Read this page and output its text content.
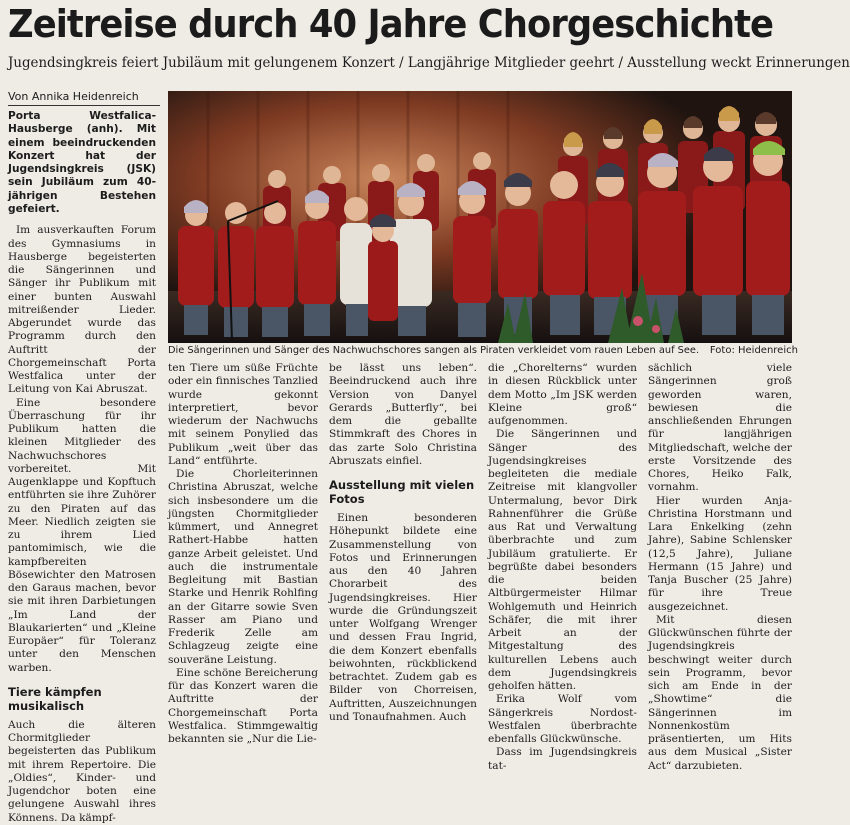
Zeitreise durch 40 Jahre Chorgeschichte
Jugendsingkreis feiert Jubiläum mit gelungenem Konzert / Langjährige Mitglieder geehrt / Ausstellung weckt Erinnerungen
Von Annika Heidenreich
Porta Westfalica-Hausberge (anh). Mit einem beeindruckenden Konzert hat der Jugendsingkreis (JSK) sein Jubiläum zum 40-jährigen Bestehen gefeiert.

Im ausverkauften Forum des Gymnasiums in Hausberge begeisterten die Sängerinnen und Sänger ihr Publikum mit einer bunten Auswahl mitreißender Lieder. Abgerundet wurde das Programm durch den Auftritt der Chorgemeinschaft Porta Westfalica unter der Leitung von Kai Abruszat.

Eine besondere Überraschung für ihr Publikum hatten die kleinen Mitglieder des Nachwuchschores vorbereitet. Mit Augenklappe und Kopftuch entführten sie ihre Zuhörer zu den Piraten auf das Meer. Niedlich zeigten sie zu ihrem Lied pantomimisch, wie die kampfbereiten Bösewichter den Matrosen den Garaus machen, bevor sie mit ihren Darbietungen „Im Land der Blaukarierten“ und „Kleine Europäer“ für Toleranz unter den Menschen warben.

Tiere kämpfen musikalisch

Auch die älteren Chormitglieder begeisterten das Publikum mit ihrem Repertoire. Die „Oldies“, Kinder- und Jugendchor boten eine gelungene Auswahl ihres Könnens. Da kämpf-

Die Sängerinnen und Sänger des Nachwuchschores sangen als Piraten verkleidet vom rauen Leben auf See. Foto: Heidenreich

ten Tiere um süße Früchte oder ein finnisches Tanzlied wurde gekonnt interpretiert, bevor wiederum der Nachwuchs mit seinem Ponylied das Publikum „weit über das Land“ entführte.

Die Chorleiterinnen Christina Abruszat, welche sich insbesondere um die jüngsten Chormitglieder kümmert, und Annegret Rathert-Habbe hatten ganze Arbeit geleistet. Und auch die instrumentale Begleitung mit Bastian Starke und Henrik Rohlfing an der Gitarre sowie Sven Rasser am Piano und Frederik Zelle am Schlagzeug zeigte eine souveräne Leistung.

Eine schöne Bereicherung für das Konzert waren die Auftritte der Chorgemeinschaft Porta Westfalica. Stimmgewaltig bekannten sie „Nur die Lie-

be lässt uns leben“. Beeindruckend auch ihre Version von Danyel Gerards „Butterfly“, bei dem die geballte Stimmkraft des Chores in das zarte Solo Christina Abruszats einfiel.

Ausstellung mit vielen Fotos

Einen besonderen Höhepunkt bildete eine Zusammenstellung von Fotos und Erinnerungen aus den 40 Jahren Chorarbeit des Jugendsingkreises. Hier wurde die Gründungszeit unter Wolfgang Wrenger und dessen Frau Ingrid, die dem Konzert ebenfalls beiwohnten, rückblickend betrachtet. Zudem gab es Bilder von Chorreisen, Auftritten, Auszeichnungen und Tonaufnahmen. Auch

die „Chorelterns“ wurden in diesen Rückblick unter dem Motto „Im JSK werden Kleine groß“ aufgenommen.

Die Sängerinnen und Sänger des Jugendsingkreises begleiteten die mediale Zeitreise mit klangvoller Untermalung, bevor Dirk Rahnenführer die Grüße aus Rat und Verwaltung überbrachte und zum Jubiläum gratulierte. Er begrüßte dabei besonders die beiden Altbürgermeister Hilmar Wohlgemuth und Heinrich Schäfer, die mit ihrer Arbeit an der Mitgestaltung des kulturellen Lebens auch dem Jugendsingkreis geholfen hätten.

Erika Wolf vom Sängerkreis Nordost-Westfalen überbrachte ebenfalls Glückwünsche.

Dass im Jugendsingkreis tat-

sächlich viele Sängerinnen groß geworden waren, bewiesen die anschließenden Ehrungen für langjährigen Mitgliedschaft, welche der erste Vorsitzende des Chores, Heiko Falk, vornahm.

Hier wurden Anja-Christina Horstmann und Lara Enkelking (zehn Jahre), Sabine Schlensker (12,5 Jahre), Juliane Hermann (15 Jahre) und Tanja Buscher (25 Jahre) für ihre Treue ausgezeichnet.

Mit diesen Glückwünschen führte der Jugendsingkreis beschwingt weiter durch sein Programm, bevor sich am Ende in der „Showtime“ die Sängerinnen im Nonnenkostüm präsentierten, um Hits aus dem Musical „Sister Act“ darzubieten.
